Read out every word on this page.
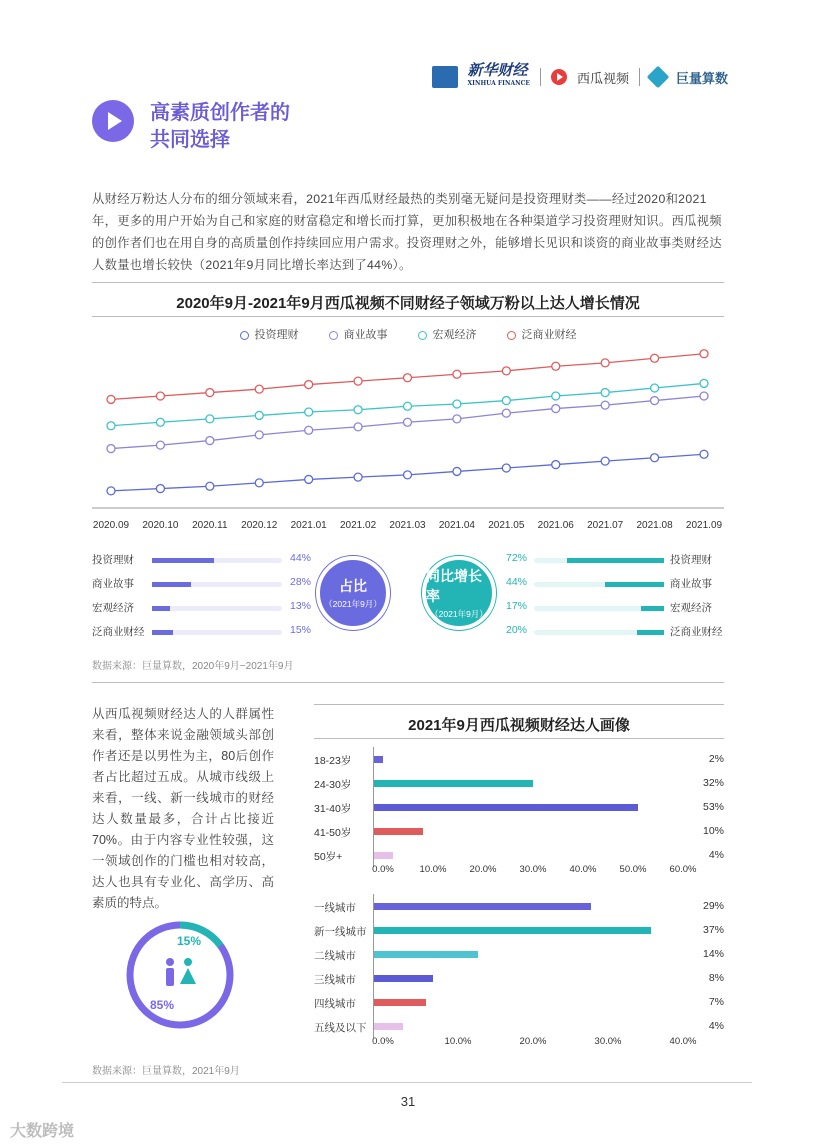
新华财经
XINHUA FINANCE	西瓜视频	巨量算数
高素质创作者的
共同选择
从财经万粉达人分布的细分领域来看，2021年西瓜财经最热的类别毫无疑问是投资理财类——经过2020和2021年，更多的用户开始为自己和家庭的财富稳定和增长而打算，更加积极地在各种渠道学习投资理财知识。西瓜视频的创作者们也在用自身的高质量创作持续回应用户需求。投资理财之外，能够增长见识和谈资的商业故事类财经达人数量也增长较快（2021年9月同比增长率达到了44%）。
2020年9月-2021年9月西瓜视频不同财经子领域万粉以上达人增长情况
投资理财	商业故事	宏观经济	泛商业财经
2020.09 2020.10 2020.11 2020.12 2021.01 2021.02 2021.03 2021.04 2021.05 2021.06 2021.07 2021.08 2021.09
投资理财	44%
商业故事	28%
宏观经济	13%
泛商业财经	15%
占比
（2021年9月）
同比增长率
（2021年9月）
72%	投资理财
44%	商业故事
17%	宏观经济
20%	泛商业财经
数据来源：巨量算数，2020年9月~2021年9月
从西瓜视频财经达人的人群属性来看，整体来说金融领域头部创作者还是以男性为主，80后创作者占比超过五成。从城市线级上来看，一线、新一线城市的财经达人数量最多，合计占比接近70%。由于内容专业性较强，这一领域创作的门槛也相对较高，达人也具有专业化、高学历、高素质的特点。
15%
85%
2021年9月西瓜视频财经达人画像
18-23岁	2%
24-30岁	32%
31-40岁	53%
41-50岁	10%
50岁+	4%
0.0%	10.0% 20.0% 30.0% 40.0% 50.0% 60.0%
一线城市	29%
新一线城市	37%
二线城市	14%
三线城市	8%
四线城市	7%
五线及以下	4%
0.0%	10.0%	20.0%	30.0%	40.0%
数据来源：巨量算数，2021年9月
31
大数跨境
